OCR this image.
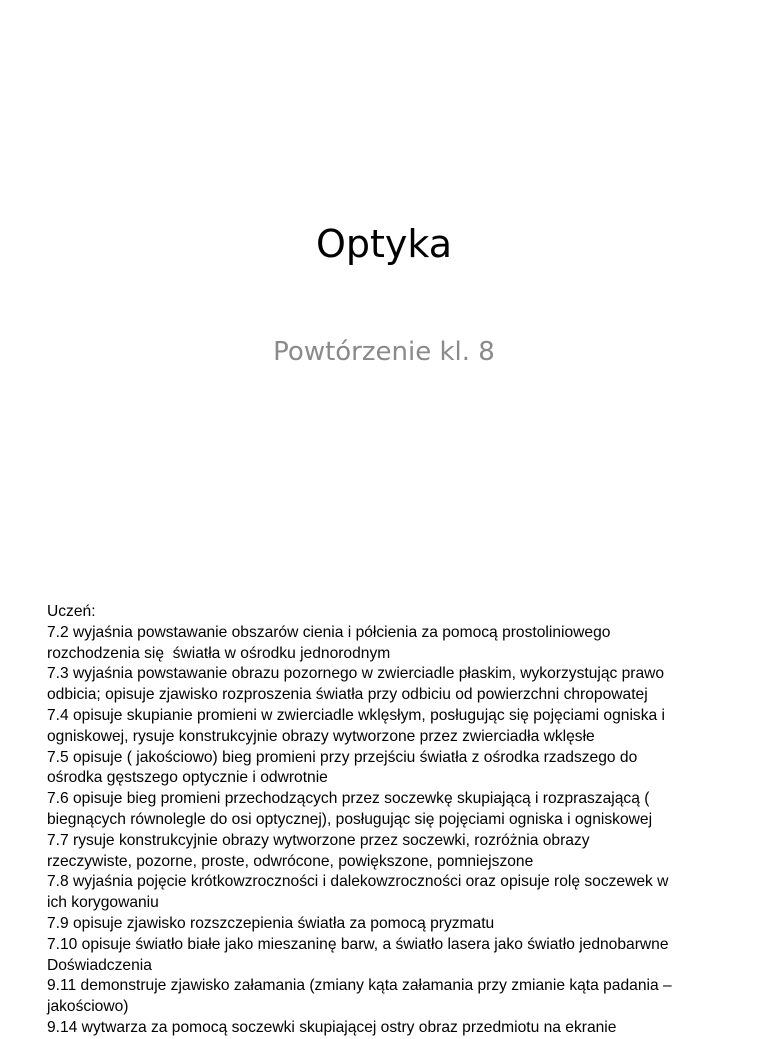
Optyka
Powtórzenie kl. 8
Uczeń:
7.2 wyjaśnia powstawanie obszarów cienia i półcienia za pomocą prostoliniowego
rozchodzenia się  światła w ośrodku jednorodnym
7.3 wyjaśnia powstawanie obrazu pozornego w zwierciadle płaskim, wykorzystując prawo
odbicia; opisuje zjawisko rozproszenia światła przy odbiciu od powierzchni chropowatej
7.4 opisuje skupianie promieni w zwierciadle wklęsłym, posługując się pojęciami ogniska i
ogniskowej, rysuje konstrukcyjnie obrazy wytworzone przez zwierciadła wklęsłe
7.5 opisuje ( jakościowo) bieg promieni przy przejściu światła z ośrodka rzadszego do
ośrodka gęstszego optycznie i odwrotnie
7.6 opisuje bieg promieni przechodzących przez soczewkę skupiającą i rozpraszającą (
biegnących równolegle do osi optycznej), posługując się pojęciami ogniska i ogniskowej
7.7 rysuje konstrukcyjnie obrazy wytworzone przez soczewki, rozróżnia obrazy
rzeczywiste, pozorne, proste, odwrócone, powiększone, pomniejszone
7.8 wyjaśnia pojęcie krótkowzroczności i dalekowzroczności oraz opisuje rolę soczewek w
ich korygowaniu
7.9 opisuje zjawisko rozszczepienia światła za pomocą pryzmatu
7.10 opisuje światło białe jako mieszaninę barw, a światło lasera jako światło jednobarwne
Doświadczenia
9.11 demonstruje zjawisko załamania (zmiany kąta załamania przy zmianie kąta padania –
jakościowo)
9.14 wytwarza za pomocą soczewki skupiającej ostry obraz przedmiotu na ekranie
